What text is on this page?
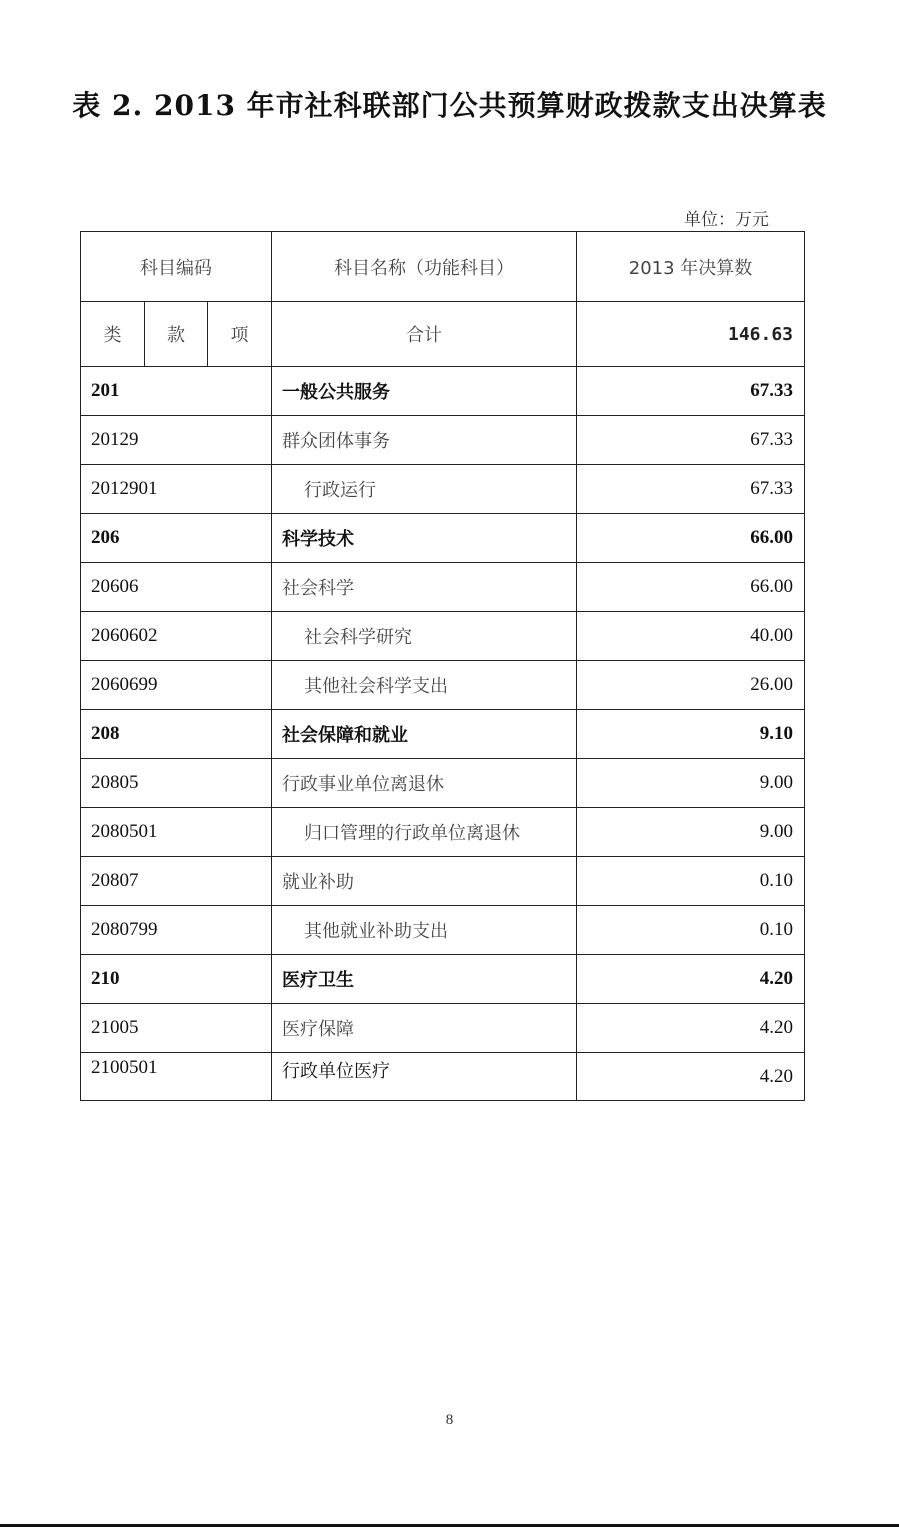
表 2. 2013 年市社科联部门公共预算财政拨款支出决算表
单位：万元
科目编码			科目名称（功能科目）	2013 年决算数
类	款	项	合计	146.63
201			一般公共服务	67.33
20129			群众团体事务	67.33
2012901			行政运行	67.33
206			科学技术	66.00
20606			社会科学	66.00
2060602			社会科学研究	40.00
2060699			其他社会科学支出	26.00
208			社会保障和就业	9.10
20805			行政事业单位离退休	9.00
2080501			归口管理的行政单位离退休	9.00
20807			就业补助	0.10
2080799			其他就业补助支出	0.10
210			医疗卫生	4.20
21005			医疗保障	4.20
2100501			行政单位医疗	4.20
8
